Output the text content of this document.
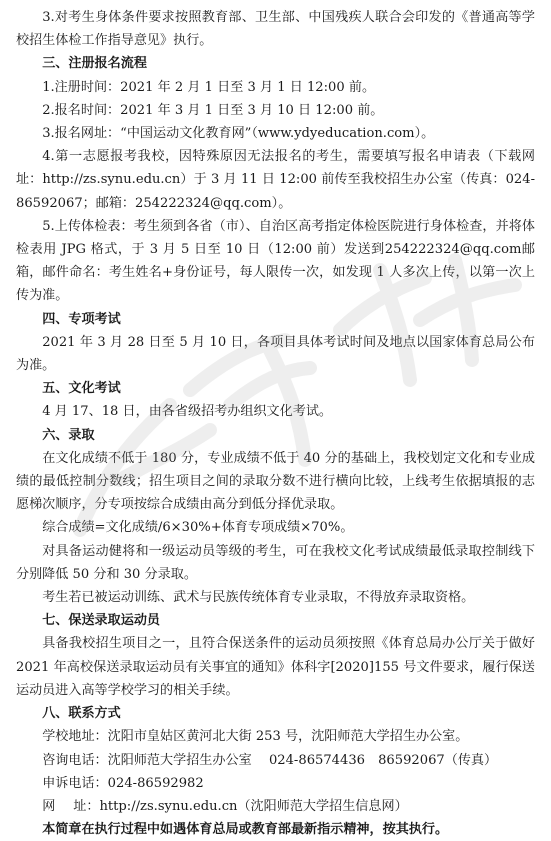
3.对考生身体条件要求按照教育部、卫生部、中国残疾人联合会印发的《普通高等学校招生体检工作指导意见》执行。

三、注册报名流程

1.注册时间：2021 年 2 月 1 日至 3 月 1 日 12:00 前。

2.报名时间：2021 年 3 月 1 日至 3 月 10 日 12:00 前。

3.报名网址：“中国运动文化教育网”（www.ydyeducation.com）。

4.第一志愿报考我校，因特殊原因无法报名的考生，需要填写报名申请表（下载网址：http://zs.synu.edu.cn）于 3 月 11 日 12:00 前传至我校招生办公室（传真：024-86592067；邮箱：254222324@qq.com）。

5.上传体检表：考生须到各省（市）、自治区高考指定体检医院进行身体检查，并将体检表用 JPG 格式，于 3 月 5 日至 10 日（12:00 前）发送到254222324@qq.com邮箱，邮件命名：考生姓名+身份证号，每人限传一次，如发现 1 人多次上传，以第一次上传为准。

四、专项考试

2021 年 3 月 28 日至 5 月 10 日，各项目具体考试时间及地点以国家体育总局公布为准。

五、文化考试

4 月 17、18 日，由各省级招考办组织文化考试。

六、录取

在文化成绩不低于 180 分，专业成绩不低于 40 分的基础上，我校划定文化和专业成绩的最低控制分数线；招生项目之间的录取分数不进行横向比较，上线考生依据填报的志愿梯次顺序，分专项按综合成绩由高分到低分择优录取。

综合成绩=文化成绩/6×30%+体育专项成绩×70%。

对具备运动健将和一级运动员等级的考生，可在我校文化考试成绩最低录取控制线下分别降低 50 分和 30 分录取。

考生若已被运动训练、武术与民族传统体育专业录取，不得放弃录取资格。

七、保送录取运动员

具备我校招生项目之一，且符合保送条件的运动员须按照《体育总局办公厅关于做好 2021 年高校保送录取运动员有关事宜的通知》体科字[2020]155 号文件要求，履行保送运动员进入高等学校学习的相关手续。

八、联系方式

学校地址：沈阳市皇姑区黄河北大街 253 号，沈阳师范大学招生办公室。

咨询电话：沈阳师范大学招生办公室　 024-86574436　86592067（传真）

申诉电话：024-86592982

网 址：http://zs.synu.edu.cn（沈阳师范大学招生信息网）

本简章在执行过程中如遇体育总局或教育部最新指示精神，按其执行。
